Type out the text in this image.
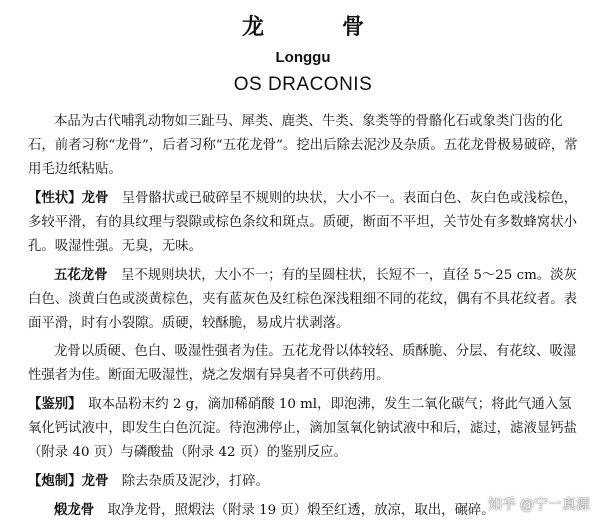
龙　骨
Longgu
OS DRACONIS

本品为古代哺乳动物如三趾马、犀类、鹿类、牛类、象类等的骨骼化石或象类门齿的化石，前者习称“龙骨”，后者习称“五花龙骨”。挖出后除去泥沙及杂质。五花龙骨极易破碎，常用毛边纸粘贴。

【性状】龙骨  呈骨骼状或已破碎呈不规则的块状，大小不一。表面白色、灰白色或浅棕色，多较平滑，有的具纹理与裂隙或棕色条纹和斑点。质硬，断面不平坦，关节处有多数蜂窝状小孔。吸湿性强。无臭，无味。

五花龙骨  呈不规则块状，大小不一；有的呈圆柱状，长短不一，直径 5～25 cm。淡灰白色、淡黄白色或淡黄棕色，夹有蓝灰色及红棕色深浅粗细不同的花纹，偶有不具花纹者。表面平滑，时有小裂隙。质硬，较酥脆，易成片状剥落。

龙骨以质硬、色白、吸湿性强者为佳。五花龙骨以体较轻、质酥脆、分层、有花纹、吸湿性强者为佳。断面无吸湿性，烧之发烟有异臭者不可供药用。

【鉴别】  取本品粉末约 2 g，滴加稀硝酸 10 ml，即泡沸，发生二氧化碳气；将此气通入氢氧化钙试液中，即发生白色沉淀。待泡沸停止，滴加氢氧化钠试液中和后，滤过，滤液显钙盐（附录 40 页）与磷酸盐（附录 42 页）的鉴别反应。

【炮制】龙骨  除去杂质及泥沙，打碎。

煅龙骨  取净龙骨，照煅法（附录 19 页）煅至红透，放凉，取出，碾碎。

知乎 @宁一真源
